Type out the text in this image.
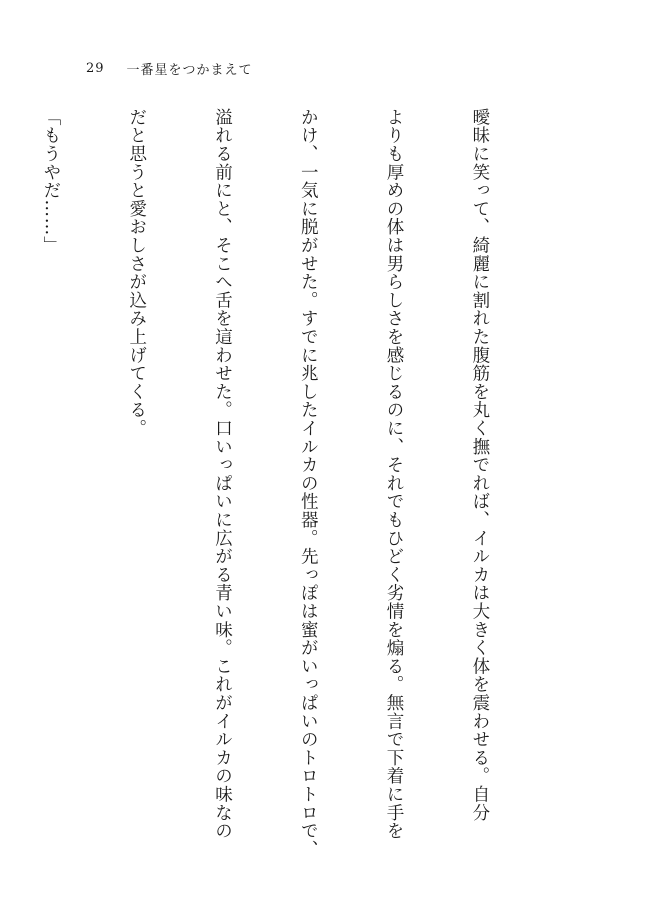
29 一番星をつかまえて

曖昧に笑って、綺麗に割れた腹筋を丸く撫でれば、イルカは大きく体を震わせる。自分

よりも厚めの体は男らしさを感じるのに、それでもひどく劣情を煽る。無言で下着に手を

かけ、一気に脱がせた。すでに兆したイルカの性器。先っぽは蜜がいっぱいのトロトロで、

溢れる前にと、そこへ舌を這わせた。口いっぱいに広がる青い味。これがイルカの味なの

だと思うと愛おしさが込み上げてくる。

「もうやだ……」
